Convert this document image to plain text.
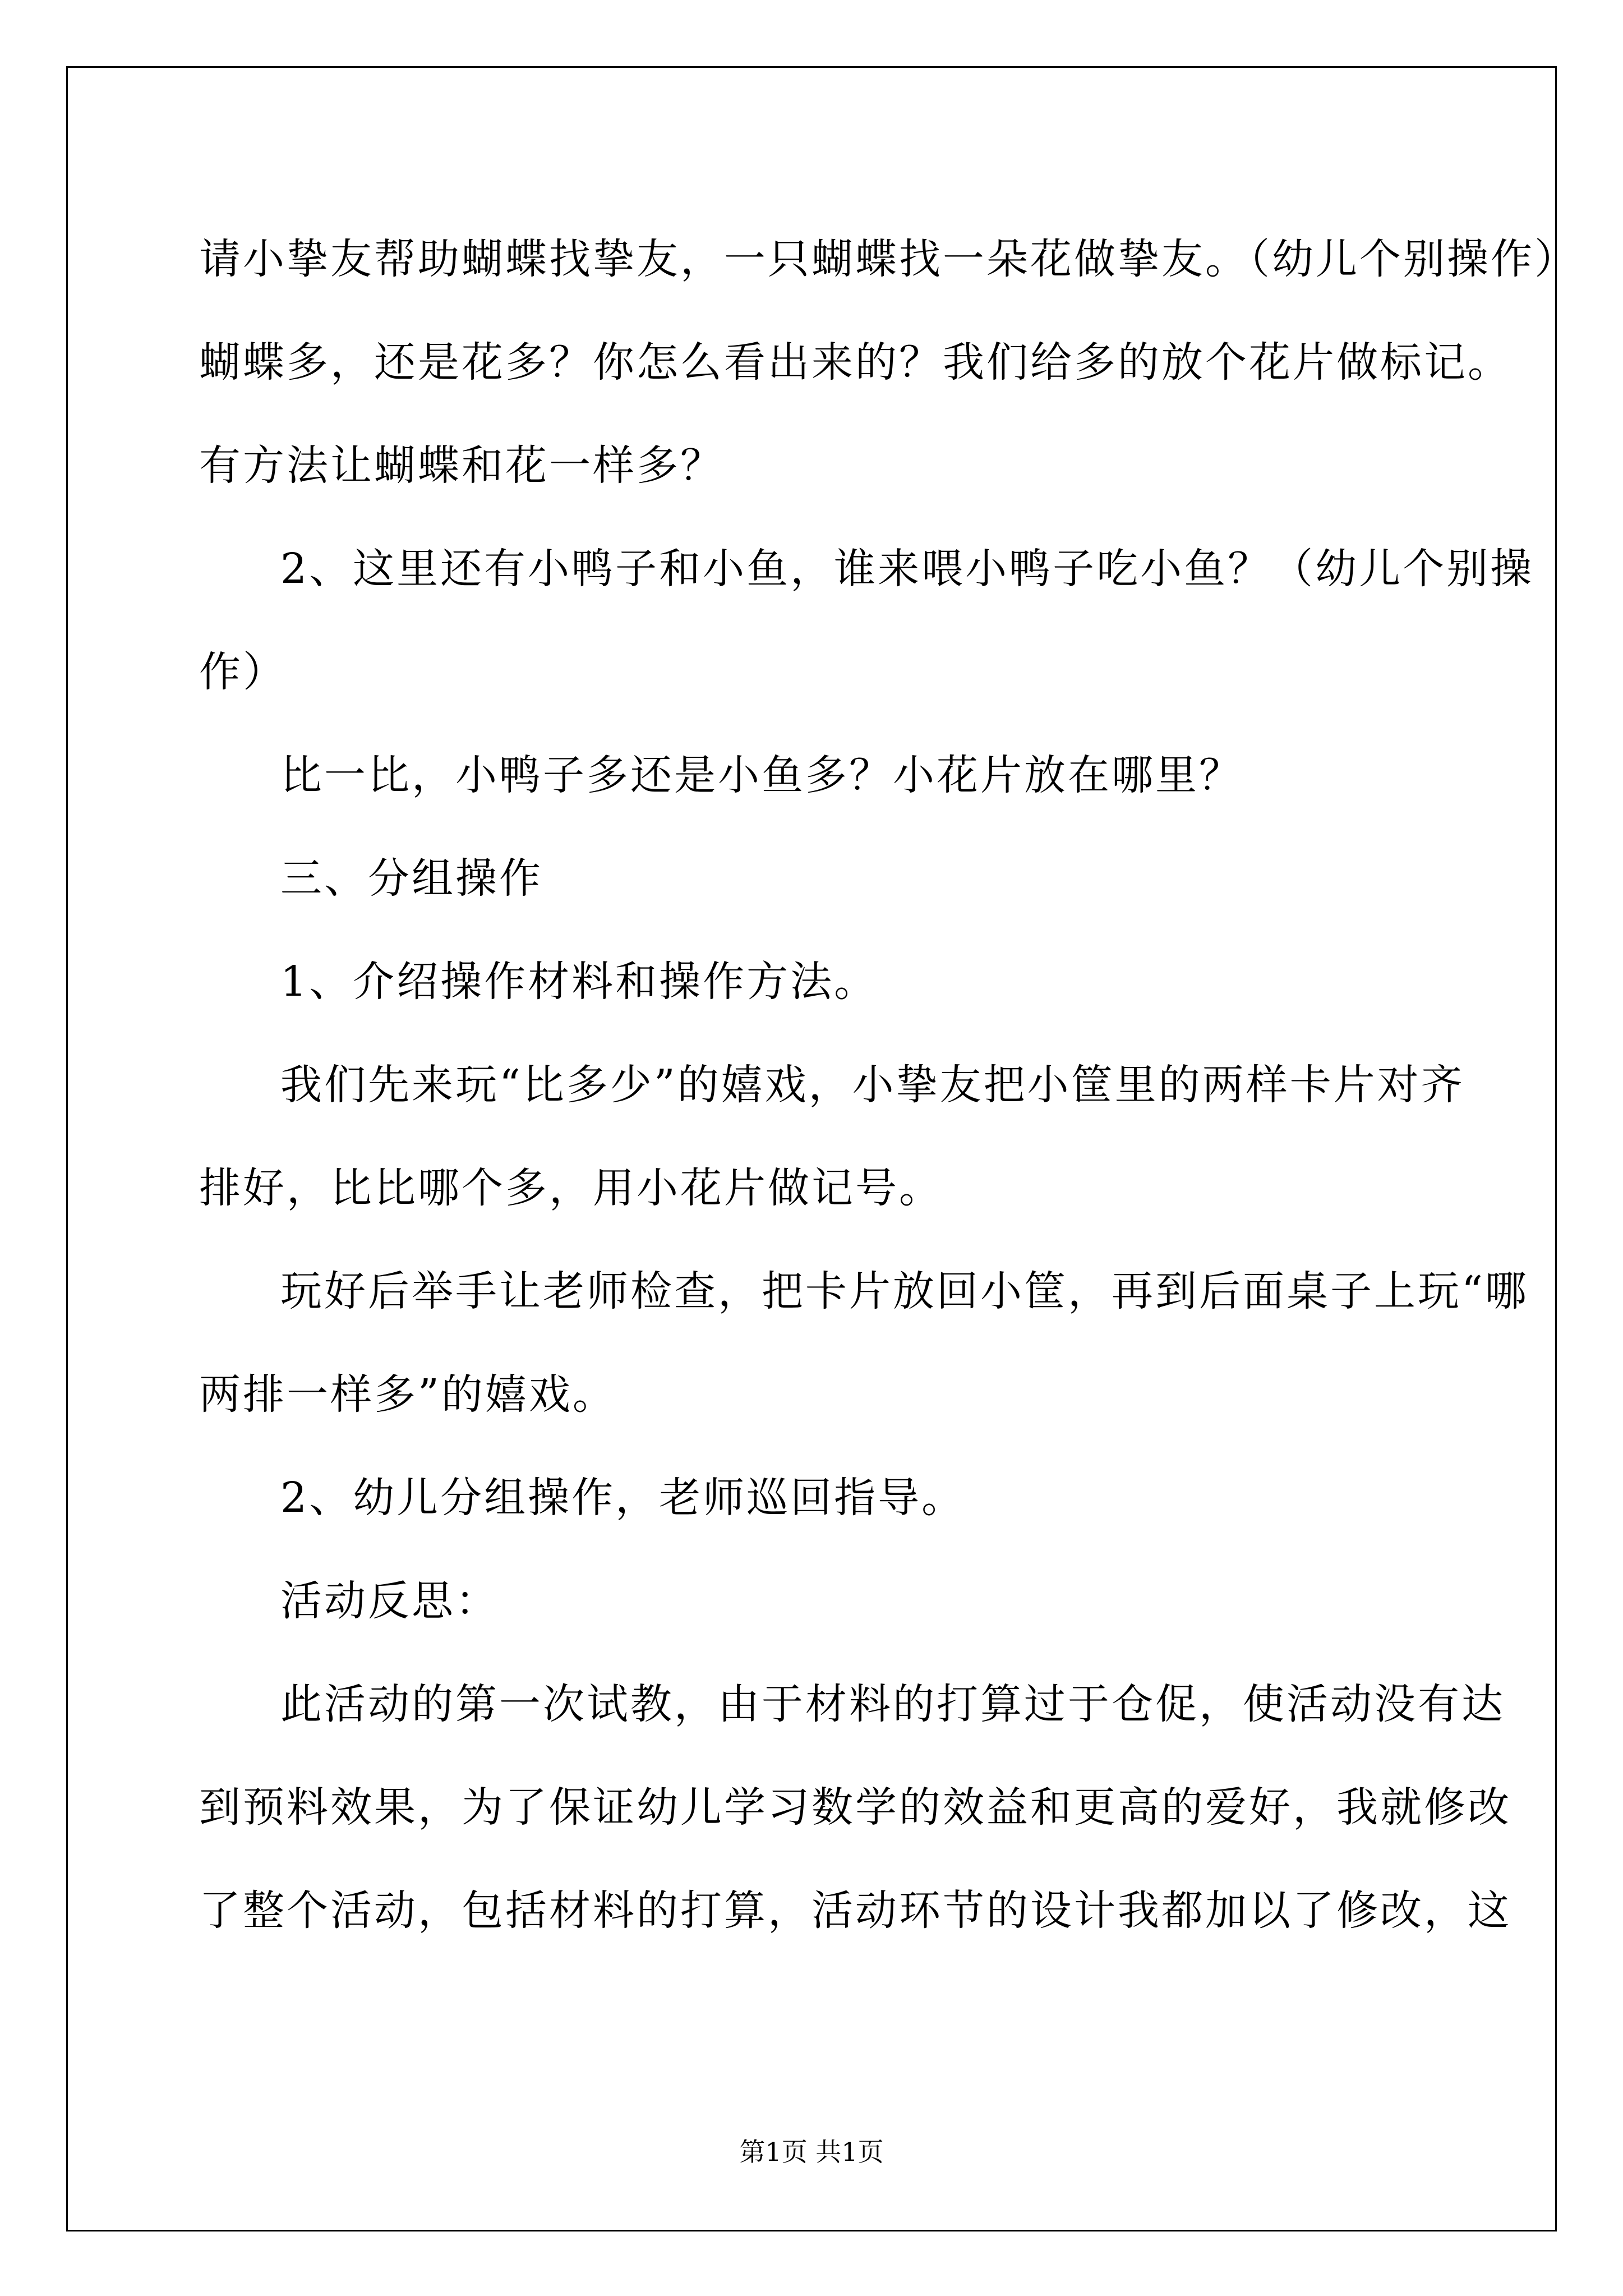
请小挚友帮助蝴蝶找挚友，一只蝴蝶找一朵花做挚友。（幼儿个别操作）
蝴蝶多，还是花多？你怎么看出来的？我们给多的放个花片做标记。
有方法让蝴蝶和花一样多？
2、这里还有小鸭子和小鱼，谁来喂小鸭子吃小鱼？（幼儿个别操
作）
比一比，小鸭子多还是小鱼多？小花片放在哪里？
三、分组操作
1、介绍操作材料和操作方法。
我们先来玩“比多少”的嬉戏，小挚友把小筐里的两样卡片对齐
排好，比比哪个多，用小花片做记号。
玩好后举手让老师检查，把卡片放回小筐，再到后面桌子上玩“哪
两排一样多”的嬉戏。
2、幼儿分组操作，老师巡回指导。
活动反思：
此活动的第一次试教，由于材料的打算过于仓促，使活动没有达
到预料效果，为了保证幼儿学习数学的效益和更高的爱好，我就修改
了整个活动，包括材料的打算，活动环节的设计我都加以了修改，这
第1页 共1页
